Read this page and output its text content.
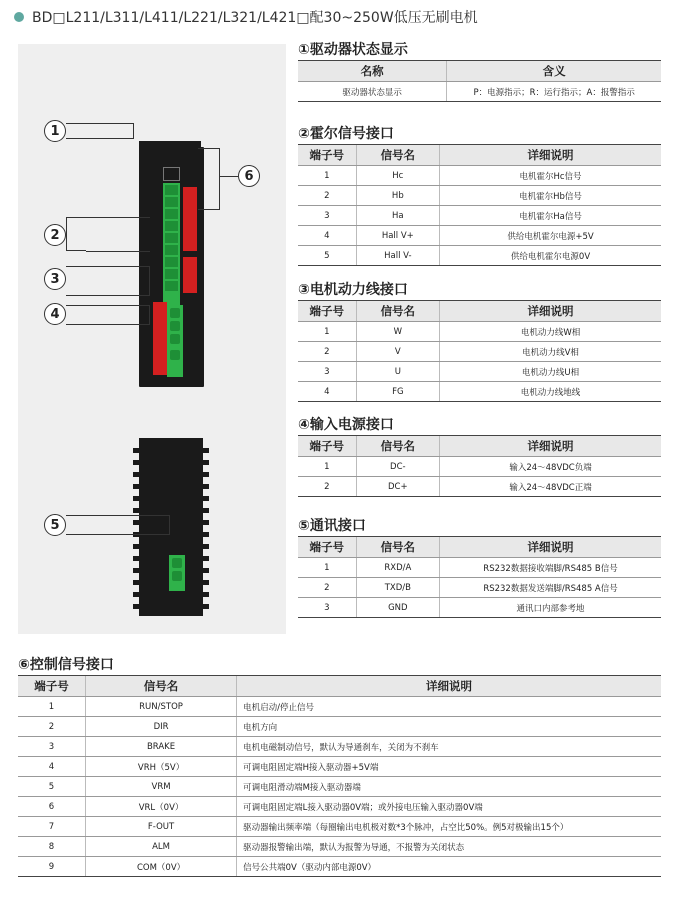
BD□L211/L311/L411/L221/L321/L421□配30~250W低压无刷电机
1
2
3
4
5
6
①驱动器状态显示
名称	含义
驱动器状态显示	P：电源指示；R：运行指示；A：报警指示
②霍尔信号接口
端子号	信号名	详细说明
1	Hc	电机霍尔Hc信号
2	Hb	电机霍尔Hb信号
3	Ha	电机霍尔Ha信号
4	Hall V+	供给电机霍尔电源+5V
5	Hall V-	供给电机霍尔电源0V
③电机动力线接口
端子号	信号名	详细说明
1	W	电机动力线W相
2	V	电机动力线V相
3	U	电机动力线U相
4	FG	电机动力线地线
④输入电源接口
端子号	信号名	详细说明
1	DC-	输入24～48VDC负端
2	DC+	输入24～48VDC正端
⑤通讯接口
端子号	信号名	详细说明
1	RXD/A	RS232数据接收端脚/RS485 B信号
2	TXD/B	RS232数据发送端脚/RS485 A信号
3	GND	通讯口内部参考地
⑥控制信号接口
端子号	信号名	详细说明
1	RUN/STOP	电机启动/停止信号
2	DIR	电机方向
3	BRAKE	电机电磁制动信号，默认为导通刹车，关闭为不刹车
4	VRH（5V）	可调电阻固定端H接入驱动器+5V端
5	VRM	可调电阻滑动端M接入驱动器端
6	VRL（0V）	可调电阻固定端L接入驱动器0V端；或外接电压输入驱动器0V端
7	F-OUT	驱动器输出频率端（每圈输出电机极对数*3个脉冲，占空比50%。例5对极输出15个）
8	ALM	驱动器报警输出端，默认为报警为导通，不报警为关闭状态
9	COM（0V）	信号公共端0V（驱动内部电源0V）
